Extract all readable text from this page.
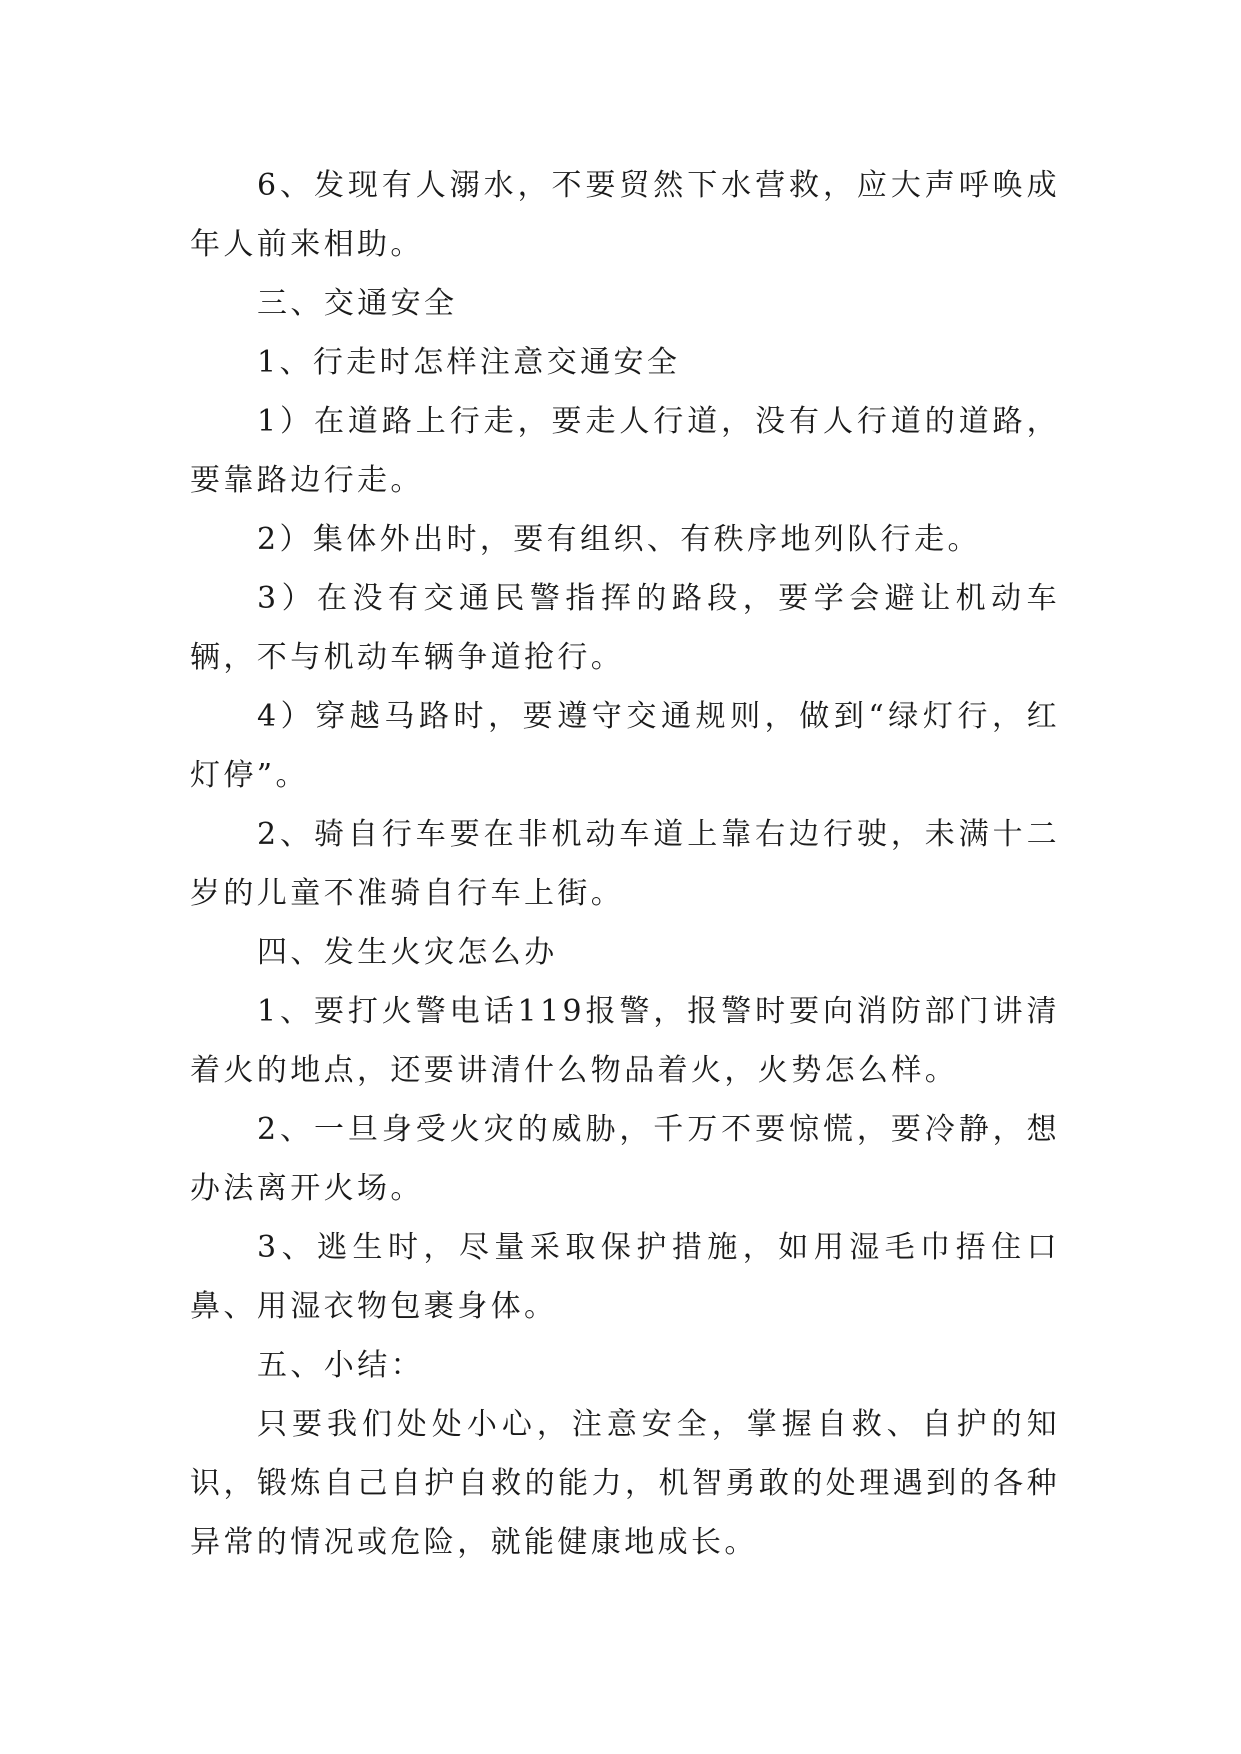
6、发现有人溺水，不要贸然下水营救，应大声呼唤成年人前来相助。

三、交通安全

1、行走时怎样注意交通安全

1）在道路上行走，要走人行道，没有人行道的道路，要靠路边行走。

2）集体外出时，要有组织、有秩序地列队行走。

3）在没有交通民警指挥的路段，要学会避让机动车辆，不与机动车辆争道抢行。

4）穿越马路时，要遵守交通规则，做到“绿灯行，红灯停”。

2、骑自行车要在非机动车道上靠右边行驶，未满十二岁的儿童不准骑自行车上街。

四、发生火灾怎么办

1、要打火警电话119报警，报警时要向消防部门讲清着火的地点，还要讲清什么物品着火，火势怎么样。

2、一旦身受火灾的威胁，千万不要惊慌，要冷静，想办法离开火场。

3、逃生时，尽量采取保护措施，如用湿毛巾捂住口鼻、用湿衣物包裹身体。

五、小结：

只要我们处处小心，注意安全，掌握自救、自护的知识，锻炼自己自护自救的能力，机智勇敢的处理遇到的各种异常的情况或危险，就能健康地成长。
